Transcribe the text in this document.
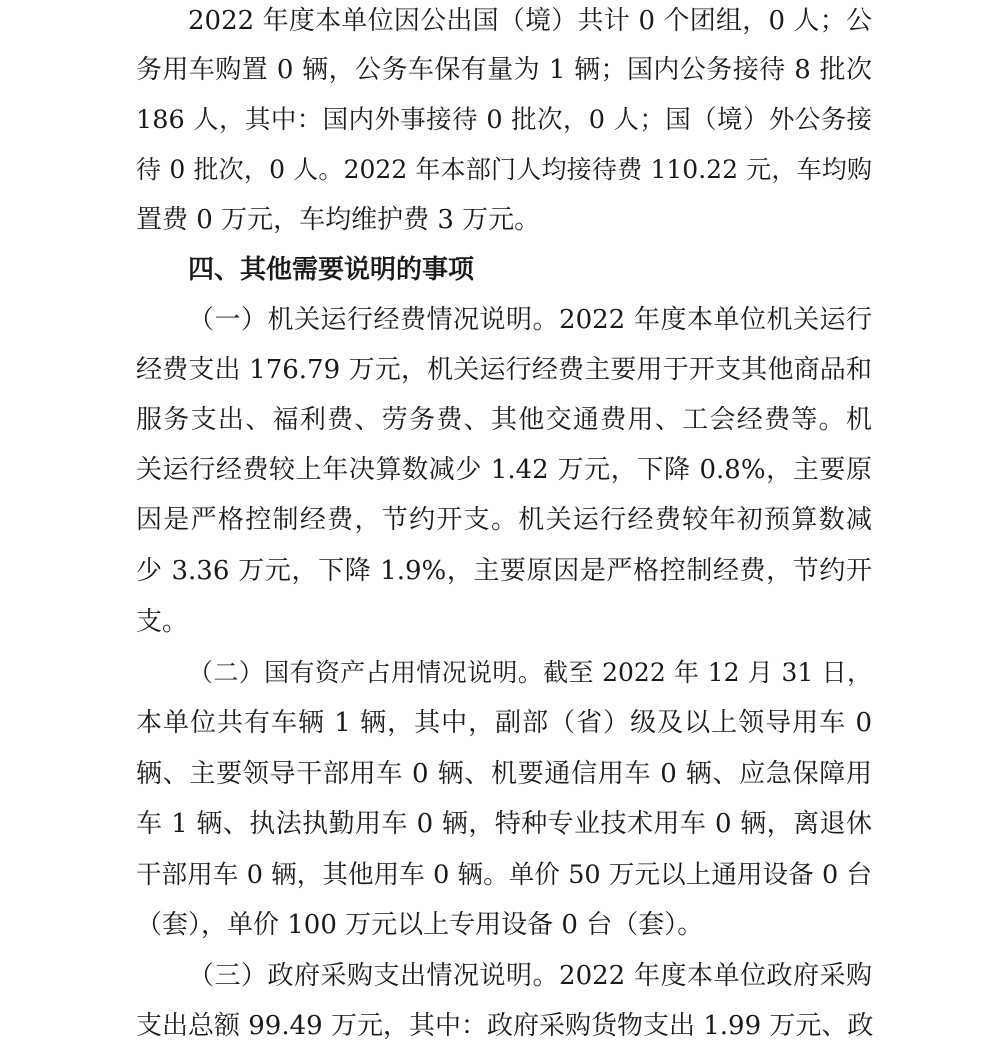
2022 年度本单位因公出国（境）共计 0 个团组，0 人；公
务用车购置 0 辆，公务车保有量为 1 辆；国内公务接待 8 批次
186 人，其中：国内外事接待 0 批次，0 人；国（境）外公务接
待 0 批次，0 人。2022 年本部门人均接待费 110.22 元，车均购
置费 0 万元，车均维护费 3 万元。
四、其他需要说明的事项
（一）机关运行经费情况说明。2022 年度本单位机关运行
经费支出 176.79 万元，机关运行经费主要用于开支其他商品和
服务支出、福利费、劳务费、其他交通费用、工会经费等。机
关运行经费较上年决算数减少 1.42 万元，下降 0.8%，主要原
因是严格控制经费，节约开支。机关运行经费较年初预算数减
少 3.36 万元，下降 1.9%，主要原因是严格控制经费，节约开
支。
（二）国有资产占用情况说明。截至 2022 年 12 月 31 日，
本单位共有车辆 1 辆，其中，副部（省）级及以上领导用车 0
辆、主要领导干部用车 0 辆、机要通信用车 0 辆、应急保障用
车 1 辆、执法执勤用车 0 辆，特种专业技术用车 0 辆，离退休
干部用车 0 辆，其他用车 0 辆。单价 50 万元以上通用设备 0 台
（套），单价 100 万元以上专用设备 0 台（套）。
（三）政府采购支出情况说明。2022 年度本单位政府采购
支出总额 99.49 万元，其中：政府采购货物支出 1.99 万元、政
